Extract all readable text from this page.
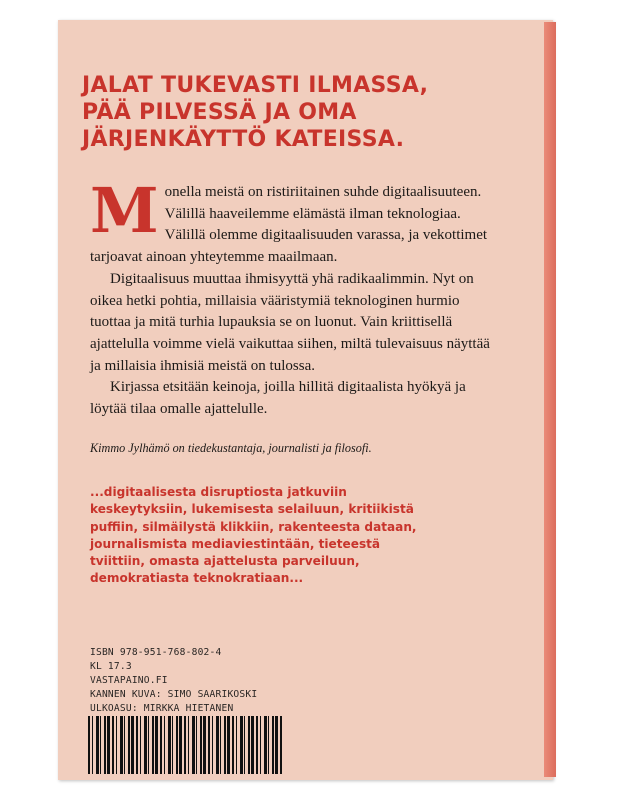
JALAT TUKEVASTI ILMASSA,
PÄÄ PILVESSÄ JA OMA
JÄRJENKÄYTTÖ KATEISSA.

Monella meistä on ristiriitainen suhde digitaalisuuteen. Välillä haaveilemme elämästä ilman teknologiaa. Välillä olemme digitaalisuuden varassa, ja vekottimet tarjoavat ainoan yhteytemme maailmaan.

Digitaalisuus muuttaa ihmisyyttä yhä radikaalimmin. Nyt on oikea hetki pohtia, millaisia vääristymiä teknologinen hurmio tuottaa ja mitä turhia lupauksia se on luonut. Vain kriittisellä ajattelulla voimme vielä vaikuttaa siihen, miltä tulevaisuus näyttää ja millaisia ihmisiä meistä on tulossa.

Kirjassa etsitään keinoja, joilla hillitä digitaalista hyökyä ja löytää tilaa omalle ajattelulle.

Kimmo Jylhämö on tiedekustantaja, journalisti ja filosofi.
...digitaalisesta disruptiosta jatkuviin
keskeytyksiin, lukemisesta selailuun, kritiikistä
puffiin, silmäilystä klikkiin, rakenteesta dataan,
journalismista mediaviestintään, tieteestä
tviittiin, omasta ajattelusta parveiluun,
demokratiasta teknokratiaan...
ISBN 978-951-768-802-4
KL 17.3
VASTAPAINO.FI
KANNEN KUVA: SIMO SAARIKOSKI
ULKOASU: MIRKKA HIETANEN
